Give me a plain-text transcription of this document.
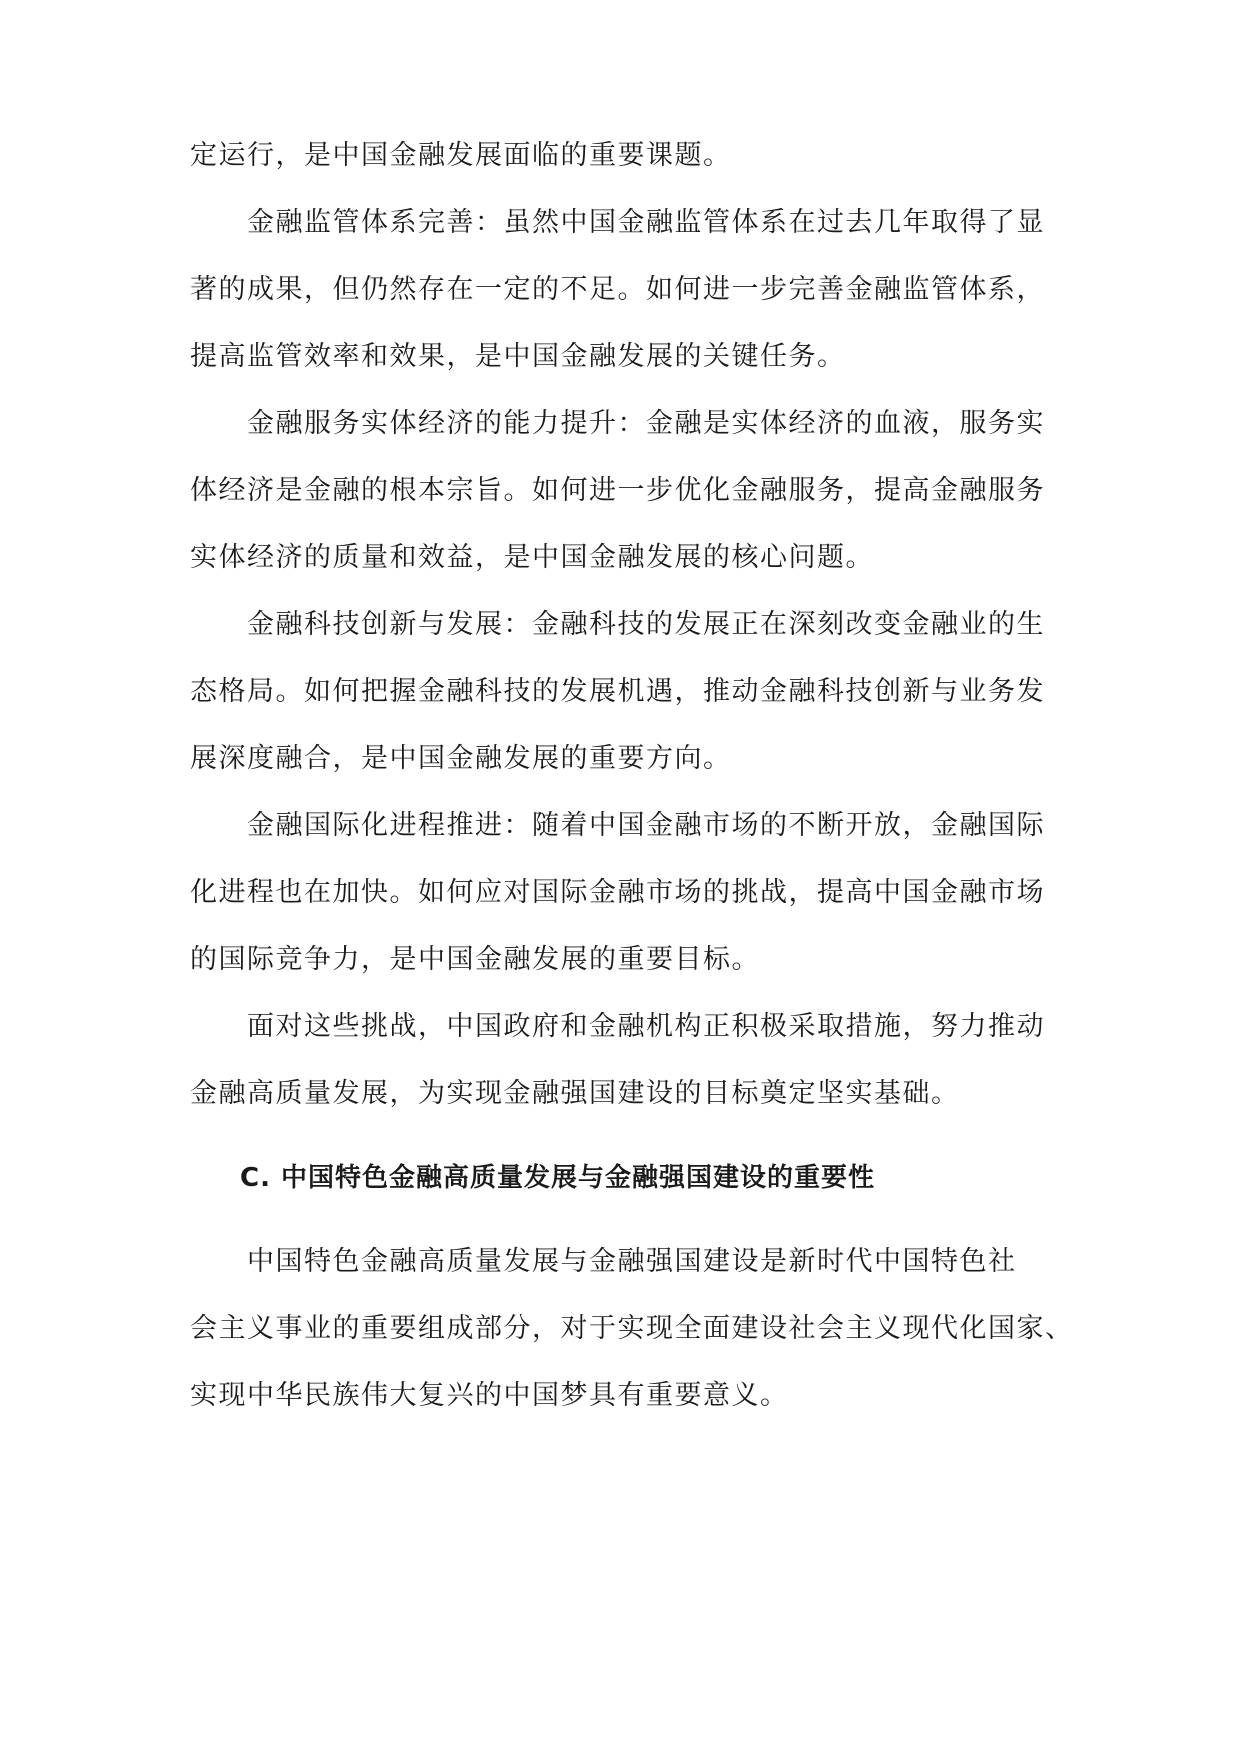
定运行，是中国金融发展面临的重要课题。
金融监管体系完善：虽然中国金融监管体系在过去几年取得了显
著的成果，但仍然存在一定的不足。如何进一步完善金融监管体系，
提高监管效率和效果，是中国金融发展的关键任务。
金融服务实体经济的能力提升：金融是实体经济的血液，服务实
体经济是金融的根本宗旨。如何进一步优化金融服务，提高金融服务
实体经济的质量和效益，是中国金融发展的核心问题。
金融科技创新与发展：金融科技的发展正在深刻改变金融业的生
态格局。如何把握金融科技的发展机遇，推动金融科技创新与业务发
展深度融合，是中国金融发展的重要方向。
金融国际化进程推进：随着中国金融市场的不断开放，金融国际
化进程也在加快。如何应对国际金融市场的挑战，提高中国金融市场
的国际竞争力，是中国金融发展的重要目标。
面对这些挑战，中国政府和金融机构正积极采取措施，努力推动
金融高质量发展，为实现金融强国建设的目标奠定坚实基础。
C. 中国特色金融高质量发展与金融强国建设的重要性
中国特色金融高质量发展与金融强国建设是新时代中国特色社
会主义事业的重要组成部分，对于实现全面建设社会主义现代化国家、
实现中华民族伟大复兴的中国梦具有重要意义。
